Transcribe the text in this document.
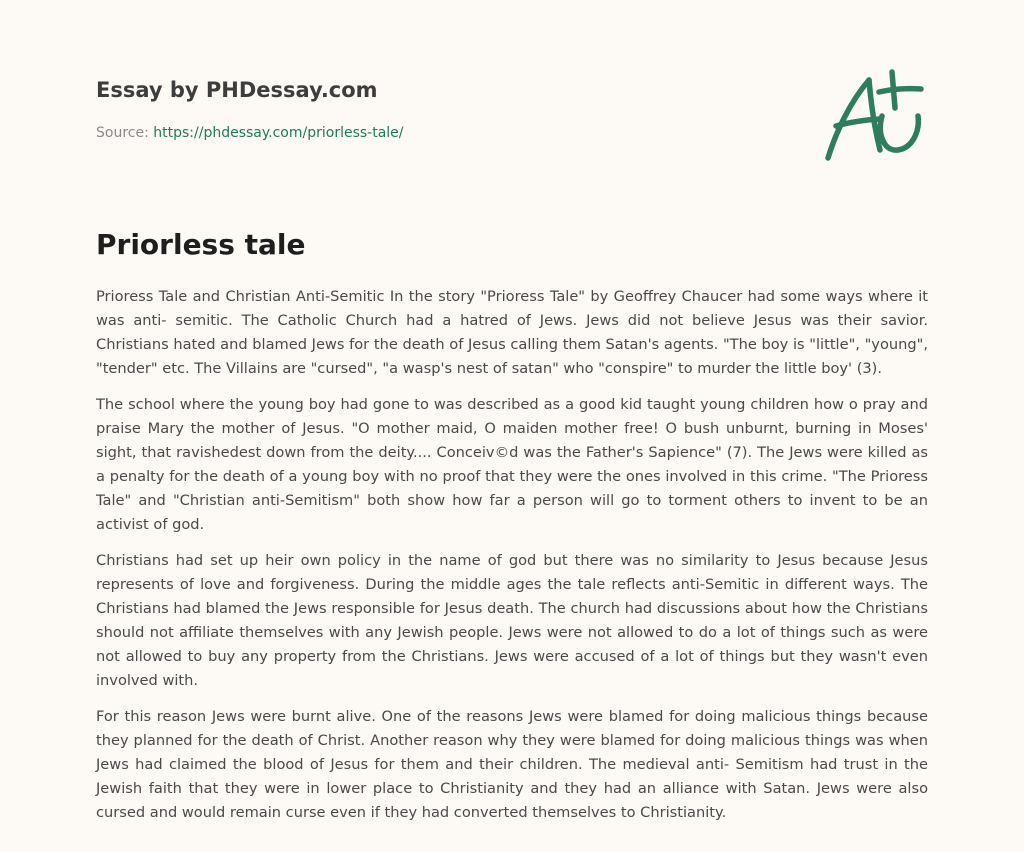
Essay by PHDessay.com
Source: https://phdessay.com/priorless-tale/
Priorless tale

Prioress Tale and Christian Anti-Semitic In the story "Prioress Tale" by Geoffrey Chaucer had some ways where it was anti- semitic. The Catholic Church had a hatred of Jews. Jews did not believe Jesus was their savior. Christians hated and blamed Jews for the death of Jesus calling them Satan's agents. "The boy is "little", "young", "tender" etc. The Villains are "cursed", "a wasp's nest of satan" who "conspire" to murder the little boy' (3).

The school where the young boy had gone to was described as a good kid taught young children how o pray and praise Mary the mother of Jesus. "O mother maid, O maiden mother free! O bush unburnt, burning in Moses' sight, that ravishedest down from the deity.... Conceiv©d was the Father's Sapience" (7). The Jews were killed as a penalty for the death of a young boy with no proof that they were the ones involved in this crime. "The Prioress Tale" and "Christian anti-Semitism" both show how far a person will go to torment others to invent to be an activist of god.

Christians had set up heir own policy in the name of god but there was no similarity to Jesus because Jesus represents of love and forgiveness. During the middle ages the tale reflects anti-Semitic in different ways. The Christians had blamed the Jews responsible for Jesus death. The church had discussions about how the Christians should not affiliate themselves with any Jewish people. Jews were not allowed to do a lot of things such as were not allowed to buy any property from the Christians. Jews were accused of a lot of things but they wasn't even involved with.

For this reason Jews were burnt alive. One of the reasons Jews were blamed for doing malicious things because they planned for the death of Christ. Another reason why they were blamed for doing malicious things was when Jews had claimed the blood of Jesus for them and their children. The medieval anti- Semitism had trust in the Jewish faith that they were in lower place to Christianity and they had an alliance with Satan. Jews were also cursed and would remain curse even if they had converted themselves to Christianity.
